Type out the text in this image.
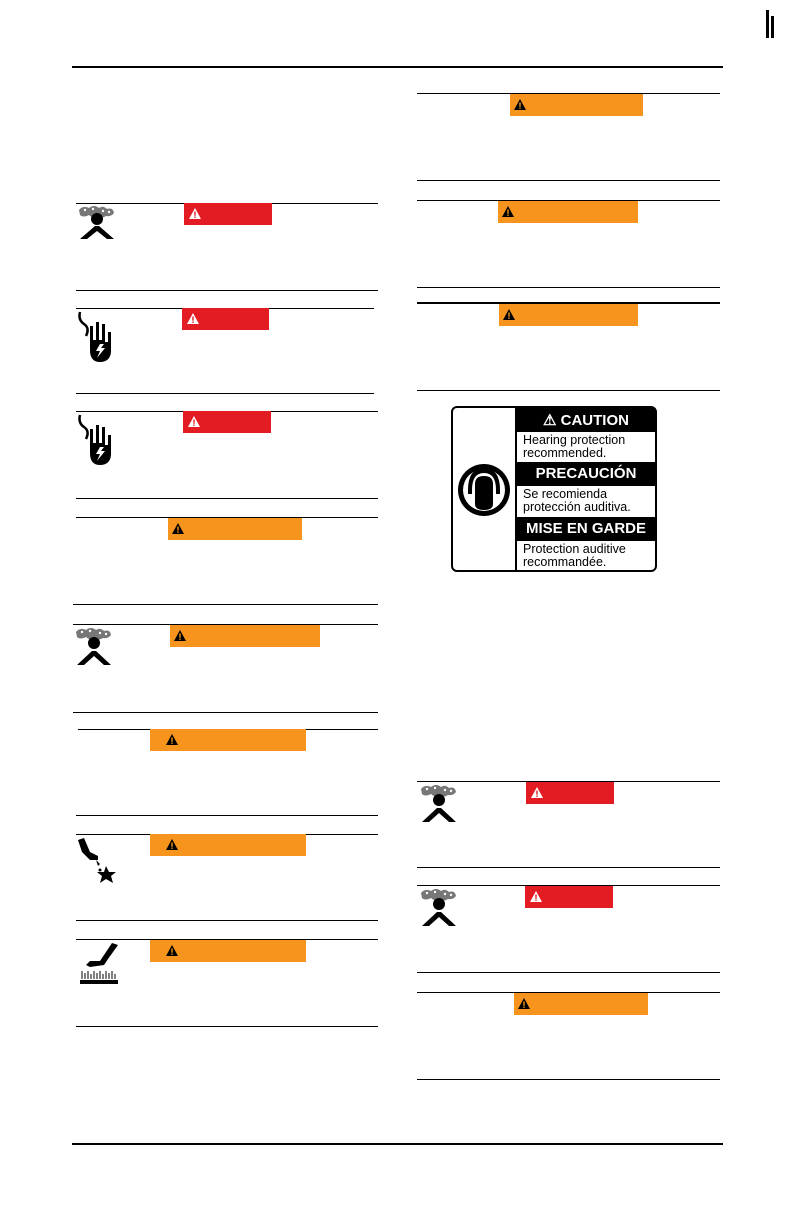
⚠ CAUTION
Hearing protection
recommended.
PRECAUCIÓN
Se recomienda
protección auditiva.
MISE EN GARDE
Protection auditive
recommandée.
